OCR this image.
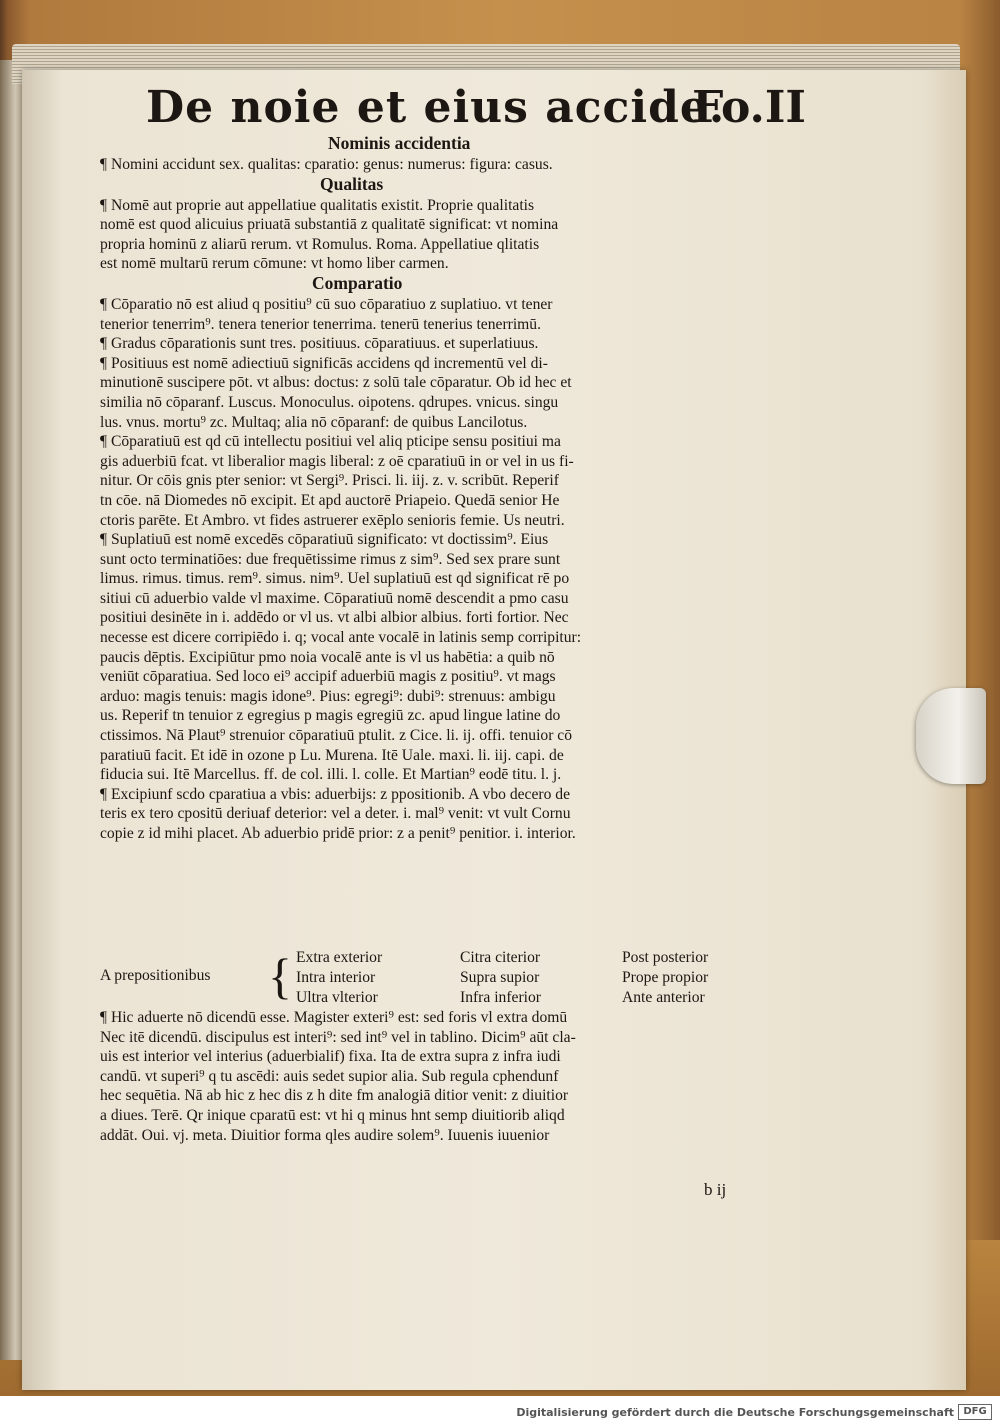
De noie et eius accide.
Fo.II
Nominis accidentia
¶ Nomini accidunt sex. qualitas: cparatio: genus: numerus: figura: casus.
Qualitas
¶ Nomē aut proprie aut appellatiue qualitatis existit. Proprie qualitatis
nomē est quod alicuius priuatā substantiā z qualitatē significat: vt nomina
propria hominū z aliarū rerum. vt Romulus. Roma. Appellatiue qlitatis
est nomē multarū rerum cōmune: vt homo liber carmen.
Comparatio
¶ Cōparatio nō est aliud q positiu⁹ cū suo cōparatiuo z suplatiuo. vt tener
tenerior tenerrim⁹. tenera tenerior tenerrima. tenerū tenerius tenerrimū.
¶ Gradus cōparationis sunt tres. positiuus. cōparatiuus. et superlatiuus.
¶ Positiuus est nomē adiectiuū significās accidens qd incrementū vel di-
minutionē suscipere pōt. vt albus: doctus: z solū tale cōparatur. Ob id hec et
similia nō cōparanf. Luscus. Monoculus. oipotens. qdrupes. vnicus. singu
lus. vnus. mortu⁹ zc. Multaq; alia nō cōparanf: de quibus Lancilotus.
¶ Cōparatiuū est qd cū intellectu positiui vel aliq pticipe sensu positiui ma
gis aduerbiū fcat. vt liberalior magis liberal: z oē cparatiuū in or vel in us fi-
nitur. Or cōis gnis pter senior: vt Sergi⁹. Prisci. li. iij. z. v. scribūt. Reperif
tn cōe. nā Diomedes nō excipit. Et apd auctorē Priapeio. Quedā senior He
ctoris parēte. Et Ambro. vt fides astruerer exēplo senioris femie. Us neutri.
¶ Suplatiuū est nomē excedēs cōparatiuū significato: vt doctissim⁹. Eius
sunt octo terminatiōes: due frequētissime rimus z sim⁹. Sed sex prare sunt
limus. rimus. timus. rem⁹. simus. nim⁹. Uel suplatiuū est qd significat rē po
sitiui cū aduerbio valde vl maxime. Cōparatiuū nomē descendit a pmo casu
positiui desinēte in i. addēdo or vl us. vt albi albior albius. forti fortior. Nec
necesse est dicere corripiēdo i. q; vocal ante vocalē in latinis semp corripitur:
paucis dēptis. Excipiūtur pmo noia vocalē ante is vl us habētia: a quib nō
veniūt cōparatiua. Sed loco ei⁹ accipif aduerbiū magis z positiu⁹. vt mags
arduo: magis tenuis: magis idone⁹. Pius: egregi⁹: dubi⁹: strenuus: ambigu
us. Reperif tn tenuior z egregius p magis egregiū zc. apud lingue latine do
ctissimos. Nā Plaut⁹ strenuior cōparatiuū ptulit. z Cice. li. ij. offi. tenuior cō
paratiuū facit. Et idē in ozone p Lu. Murena. Itē Uale. maxi. li. iij. capi. de
fiducia sui. Itē Marcellus. ff. de col. illi. l. colle. Et Martian⁹ eodē titu. l. j.
¶ Excipiunf scdo cparatiua a vbis: aduerbijs: z ppositionib. A vbo decero de
teris ex tero cpositū deriuaf deterior: vel a deter. i. mal⁹ venit: vt vult Cornu
copie z id mihi placet. Ab aduerbio pridē prior: z a penit⁹ penitior. i. interior.
A prepositionibus { Extra exterior
Intra interior
Ultra vlterior
Citra citerior
Supra supior
Infra inferior
Post posterior
Prope propior
Ante anterior
¶ Hic aduerte nō dicendū esse. Magister exteri⁹ est: sed foris vl extra domū
Nec itē dicendū. discipulus est interi⁹: sed int⁹ vel in tablino. Dicim⁹ aūt cla-
uis est interior vel interius (aduerbialif) fixa. Ita de extra supra z infra iudi
candū. vt superi⁹ q tu ascēdi: auis sedet supior alia. Sub regula cphendunf
hec sequētia. Nā ab hic z hec dis z h dite fm analogiā ditior venit: z diuitior
a diues. Terē. Qr inique cparatū est: vt hi q minus hnt semp diuitiorib aliqd
addāt. Oui. vj. meta. Diuitior forma qles audire solem⁹. Iuuenis iuuenior
b ij
Digitalisierung gefördert durch die Deutsche Forschungsgemeinschaft DFG
